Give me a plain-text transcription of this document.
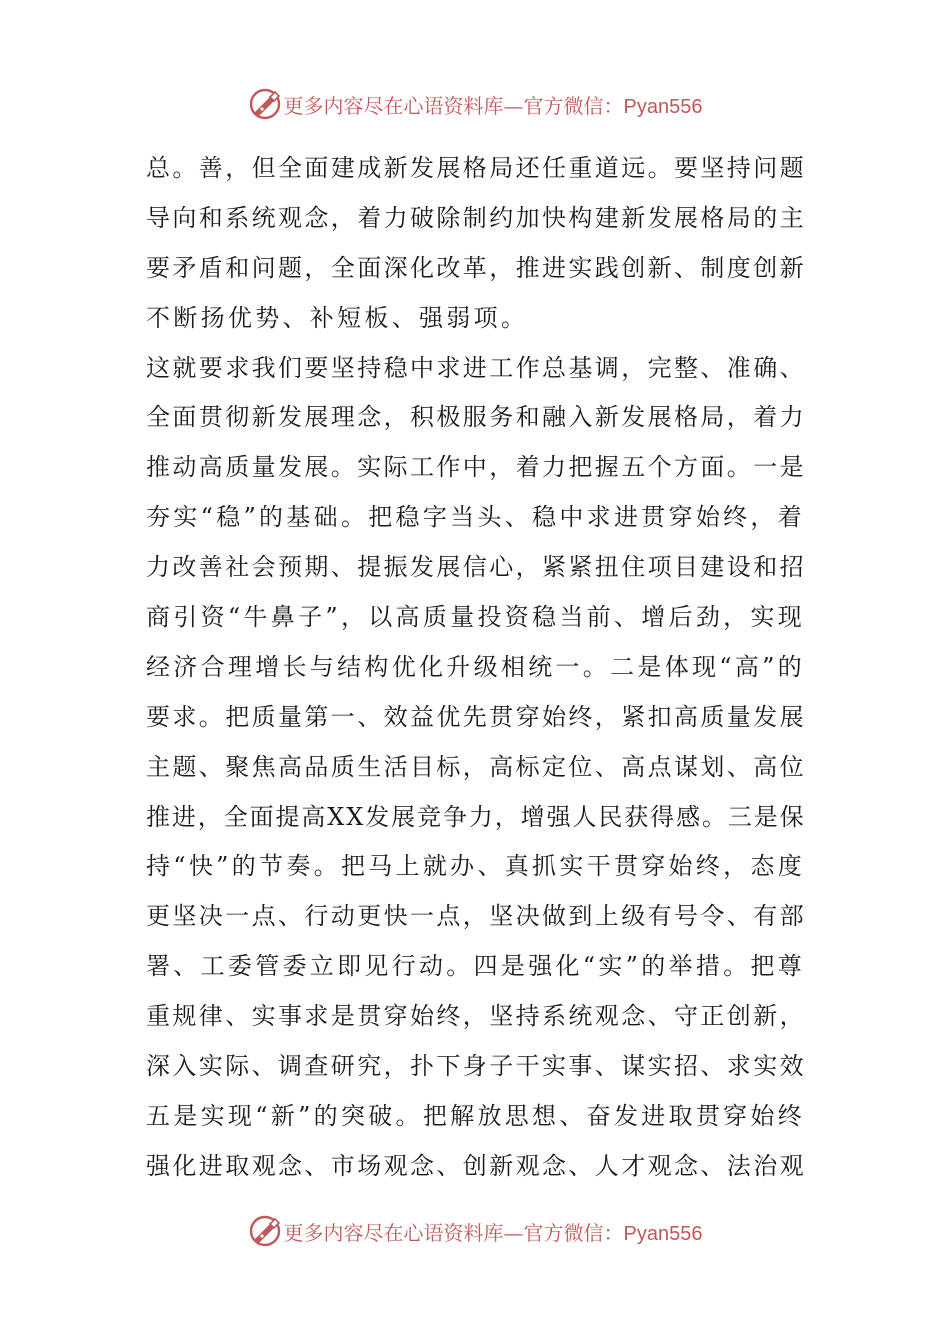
更多内容尽在心语资料库—官方微信：Pyan556
总。善，但全面建成新发展格局还任重道远。要坚持问题
导向和系统观念，着力破除制约加快构建新发展格局的主
要矛盾和问题，全面深化改革，推进实践创新、制度创新
不断扬优势、补短板、强弱项。
这就要求我们要坚持稳中求进工作总基调，完整、准确、
全面贯彻新发展理念，积极服务和融入新发展格局，着力
推动高质量发展。实际工作中，着力把握五个方面。一是
夯实“稳”的基础。把稳字当头、稳中求进贯穿始终，着
力改善社会预期、提振发展信心，紧紧扭住项目建设和招
商引资“牛鼻子”，以高质量投资稳当前、增后劲，实现
经济合理增长与结构优化升级相统一。二是体现“高”的
要求。把质量第一、效益优先贯穿始终，紧扣高质量发展
主题、聚焦高品质生活目标，高标定位、高点谋划、高位
推进，全面提高XX发展竞争力，增强人民获得感。三是保
持“快”的节奏。把马上就办、真抓实干贯穿始终，态度
更坚决一点、行动更快一点，坚决做到上级有号令、有部
署、工委管委立即见行动。四是强化“实”的举措。把尊
重规律、实事求是贯穿始终，坚持系统观念、守正创新，
深入实际、调查研究，扑下身子干实事、谋实招、求实效
五是实现“新”的突破。把解放思想、奋发进取贯穿始终
强化进取观念、市场观念、创新观念、人才观念、法治观
更多内容尽在心语资料库—官方微信：Pyan556
